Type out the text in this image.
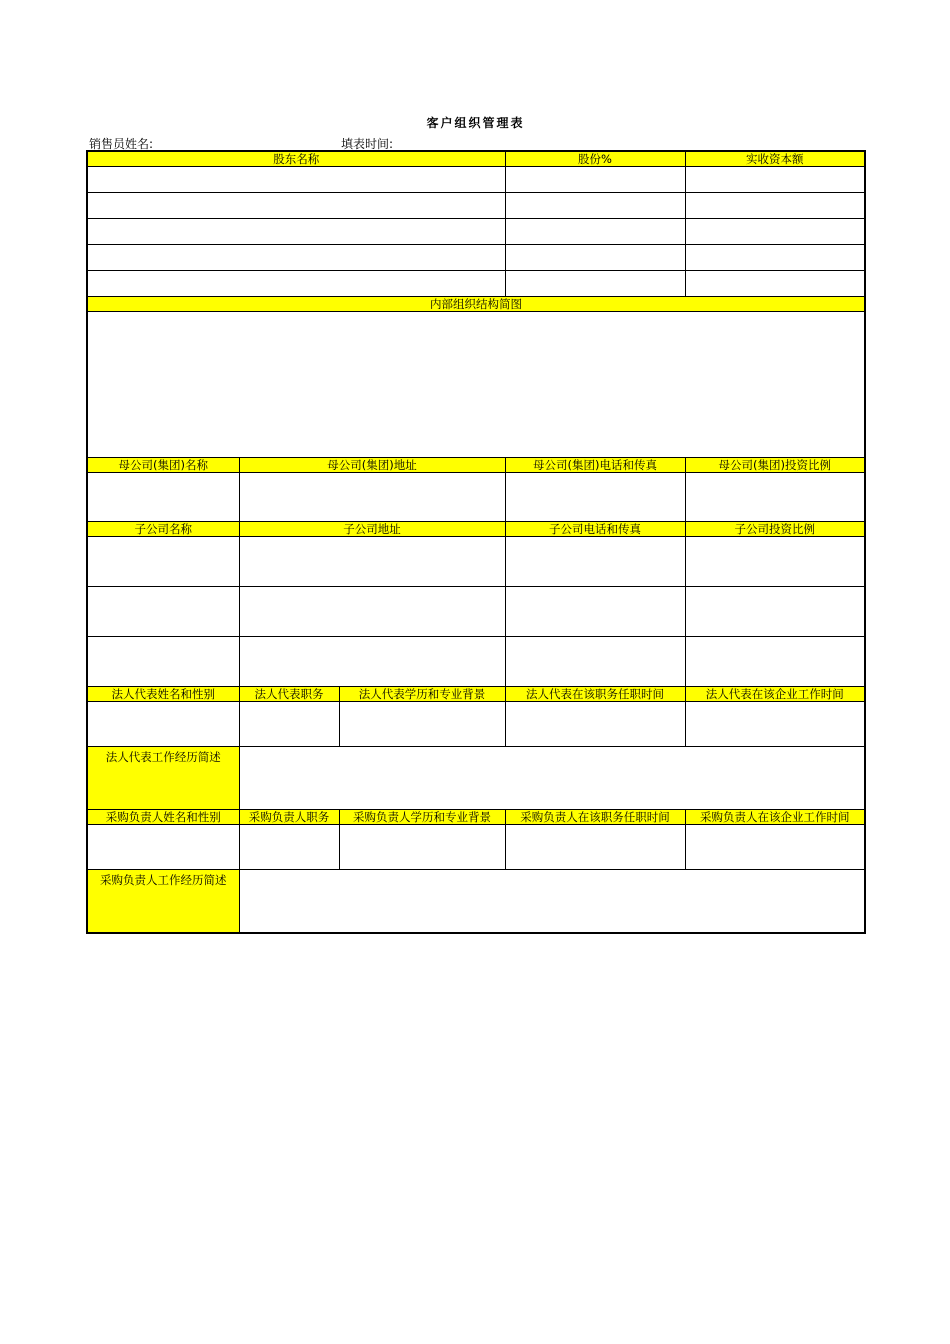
客户组织管理表
销售员姓名:	填表时间:
股东名称			股份%	实收资本额

内部组织结构简图				

母公司(集团)名称	母公司(集团)地址		母公司(集团)电话和传真	母公司(集团)投资比例

子公司名称	子公司地址		子公司电话和传真	子公司投资比例

法人代表姓名和性别	法人代表职务	法人代表学历和专业背景	法人代表在该职务任职时间	法人代表在该企业工作时间

法人代表工作经历简述				
采购负责人姓名和性别	采购负责人职务	采购负责人学历和专业背景	采购负责人在该职务任职时间	采购负责人在该企业工作时间

采购负责人工作经历简述				
